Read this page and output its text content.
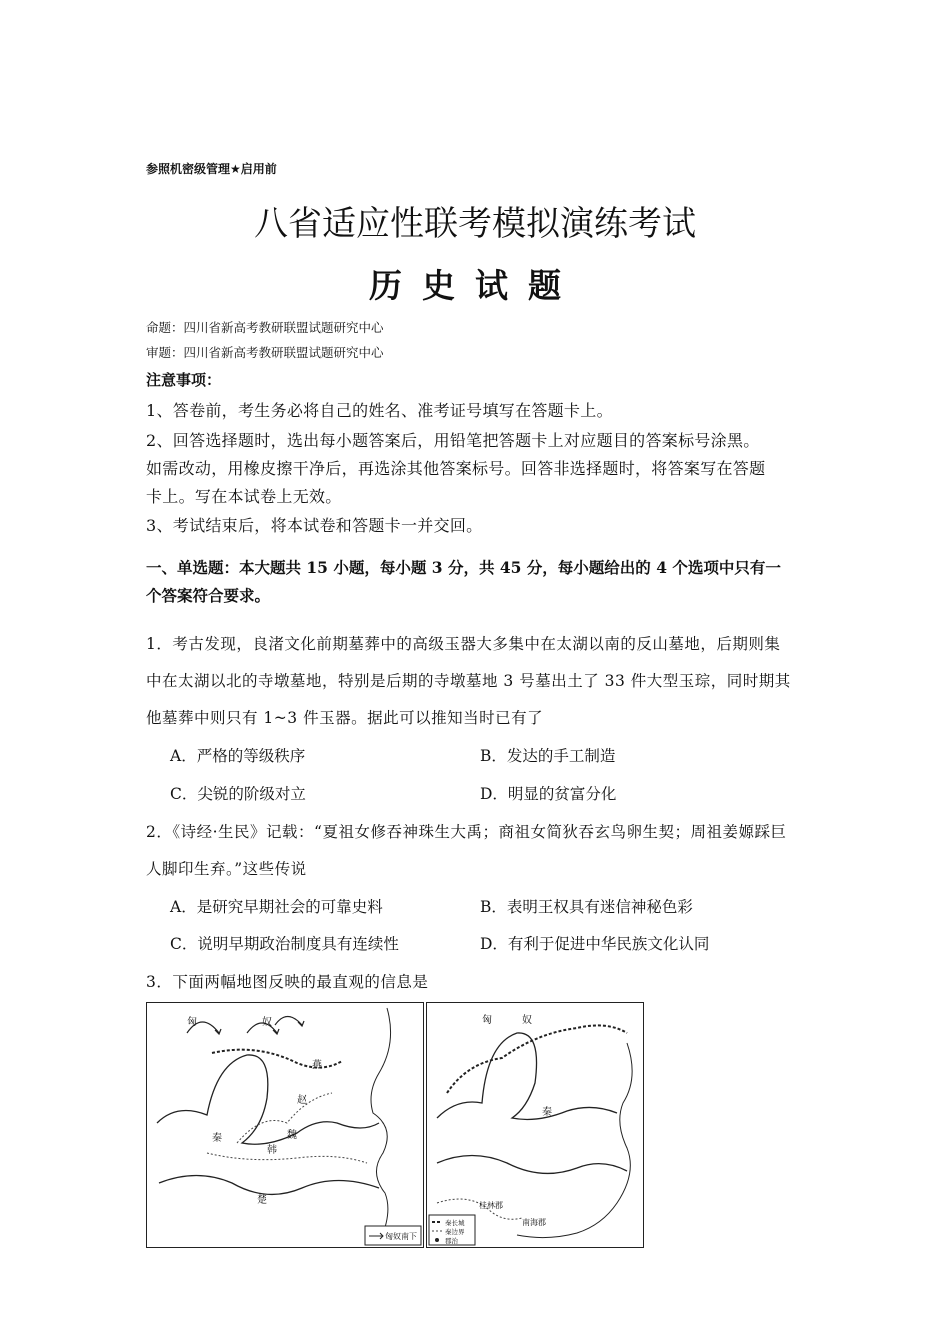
参照机密级管理★启用前
八省适应性联考模拟演练考试
历史试题
命题：四川省新高考教研联盟试题研究中心
审题：四川省新高考教研联盟试题研究中心
注意事项：
1、答卷前，考生务必将自己的姓名、准考证号填写在答题卡上。
2、回答选择题时，选出每小题答案后，用铅笔把答题卡上对应题目的答案标号涂黑。
如需改动，用橡皮擦干净后，再选涂其他答案标号。回答非选择题时，将答案写在答题
卡上。写在本试卷上无效。
3、考试结束后，将本试卷和答题卡一并交回。
一、单选题：本大题共 15 小题，每小题 3 分，共 45 分，每小题给出的 4 个选项中只有一
个答案符合要求。
1．考古发现，良渚文化前期墓葬中的高级玉器大多集中在太湖以南的反山墓地，后期则集
中在太湖以北的寺墩墓地，特别是后期的寺墩墓地 3 号墓出土了 33 件大型玉琮，同时期其
他墓葬中则只有 1~3 件玉器。据此可以推知当时已有了
A．严格的等级秩序	B．发达的手工制造
C．尖锐的阶级对立	D．明显的贫富分化
2．《诗经·生民》记载：“夏祖女修吞神珠生大禹；商祖女简狄吞玄鸟卵生契；周祖姜嫄踩巨
人脚印生弃。”这些传说
A．是研究早期社会的可靠史料	B．表明王权具有迷信神秘色彩
C．说明早期政治制度具有连续性	D．有利于促进中华民族文化认同
3．下面两幅地图反映的最直观的信息是
匈	奴
燕
赵
魏
秦
韩
楚
匈奴南下
匈	奴
秦
桂林郡
南海郡
秦长城
秦边界
郡治
